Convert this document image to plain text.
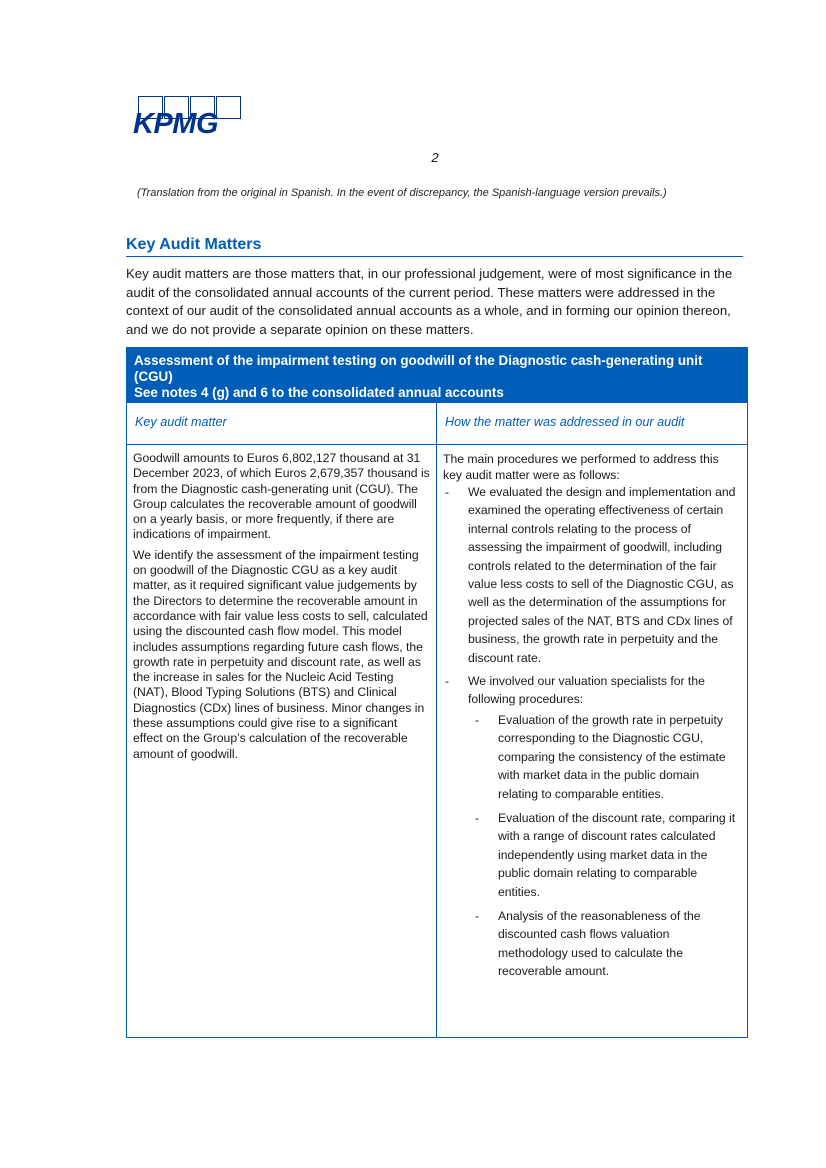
KPMG
2
(Translation from the original in Spanish. In the event of discrepancy, the Spanish-language version prevails.)
Key Audit Matters

Key audit matters are those matters that, in our professional judgement, were of most significance in the audit of the consolidated annual accounts of the current period. These matters were addressed in the context of our audit of the consolidated annual accounts as a whole, and in forming our opinion thereon, and we do not provide a separate opinion on these matters.

Assessment of the impairment testing on goodwill of the Diagnostic cash-generating unit (CGU)
See notes 4 (g) and 6 to the consolidated annual accounts
Key audit matter	How the matter was addressed in our audit

Goodwill amounts to Euros 6,802,127 thousand at 31 December 2023, of which Euros 2,679,357 thousand is from the Diagnostic cash-generating unit (CGU). The Group calculates the recoverable amount of goodwill on a yearly basis, or more frequently, if there are indications of impairment.

We identify the assessment of the impairment testing on goodwill of the Diagnostic CGU as a key audit matter, as it required significant value judgements by the Directors to determine the recoverable amount in accordance with fair value less costs to sell, calculated using the discounted cash flow model. This model includes assumptions regarding future cash flows, the growth rate in perpetuity and discount rate, as well as the increase in sales for the Nucleic Acid Testing (NAT), Blood Typing Solutions (BTS) and Clinical Diagnostics (CDx) lines of business. Minor changes in these assumptions could give rise to a significant effect on the Group’s calculation of the recoverable amount of goodwill.

The main procedures we performed to address this key audit matter were as follows:

- We evaluated the design and implementation and examined the operating effectiveness of certain internal controls relating to the process of assessing the impairment of goodwill, including controls related to the determination of the fair value less costs to sell of the Diagnostic CGU, as well as the determination of the assumptions for projected sales of the NAT, BTS and CDx lines of business, the growth rate in perpetuity and the discount rate.
- We involved our valuation specialists for the following procedures:
- Evaluation of the growth rate in perpetuity corresponding to the Diagnostic CGU, comparing the consistency of the estimate with market data in the public domain relating to comparable entities.
- Evaluation of the discount rate, comparing it with a range of discount rates calculated independently using market data in the public domain relating to comparable entities.
- Analysis of the reasonableness of the discounted cash flows valuation methodology used to calculate the recoverable amount.
